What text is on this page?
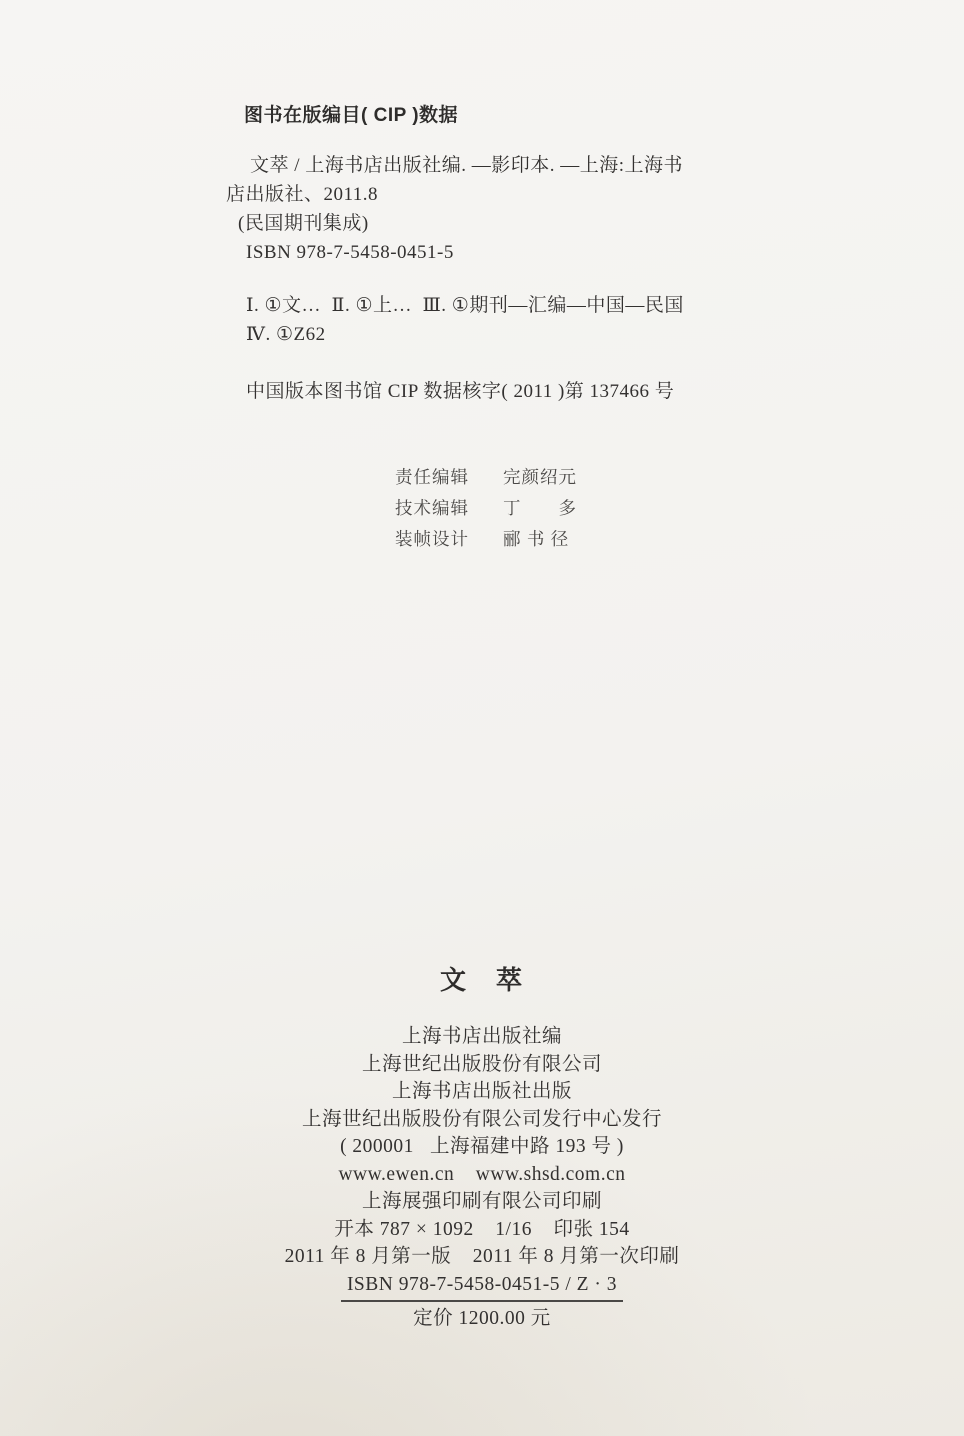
图书在版编目( CIP )数据
文萃 / 上海书店出版社编. —影印本. —上海:上海书
店出版社、2011.8
(民国期刊集成)
ISBN 978-7-5458-0451-5
Ⅰ. ①文…  Ⅱ. ①上…  Ⅲ. ①期刊—汇编—中国—民国
Ⅳ. ①Z62
中国版本图书馆 CIP 数据核字( 2011 )第 137466 号
责任编辑	完颜绍元
技术编辑	丁　　多
装帧设计	郦 书 径
文　萃
上海书店出版社编
上海世纪出版股份有限公司
上海书店出版社出版
上海世纪出版股份有限公司发行中心发行
( 200001   上海福建中路 193 号 )
www.ewen.cn    www.shsd.com.cn
上海展强印刷有限公司印刷
开本 787 × 1092    1/16    印张 154
2011 年 8 月第一版    2011 年 8 月第一次印刷
ISBN 978-7-5458-0451-5 / Z · 3
定价 1200.00 元
